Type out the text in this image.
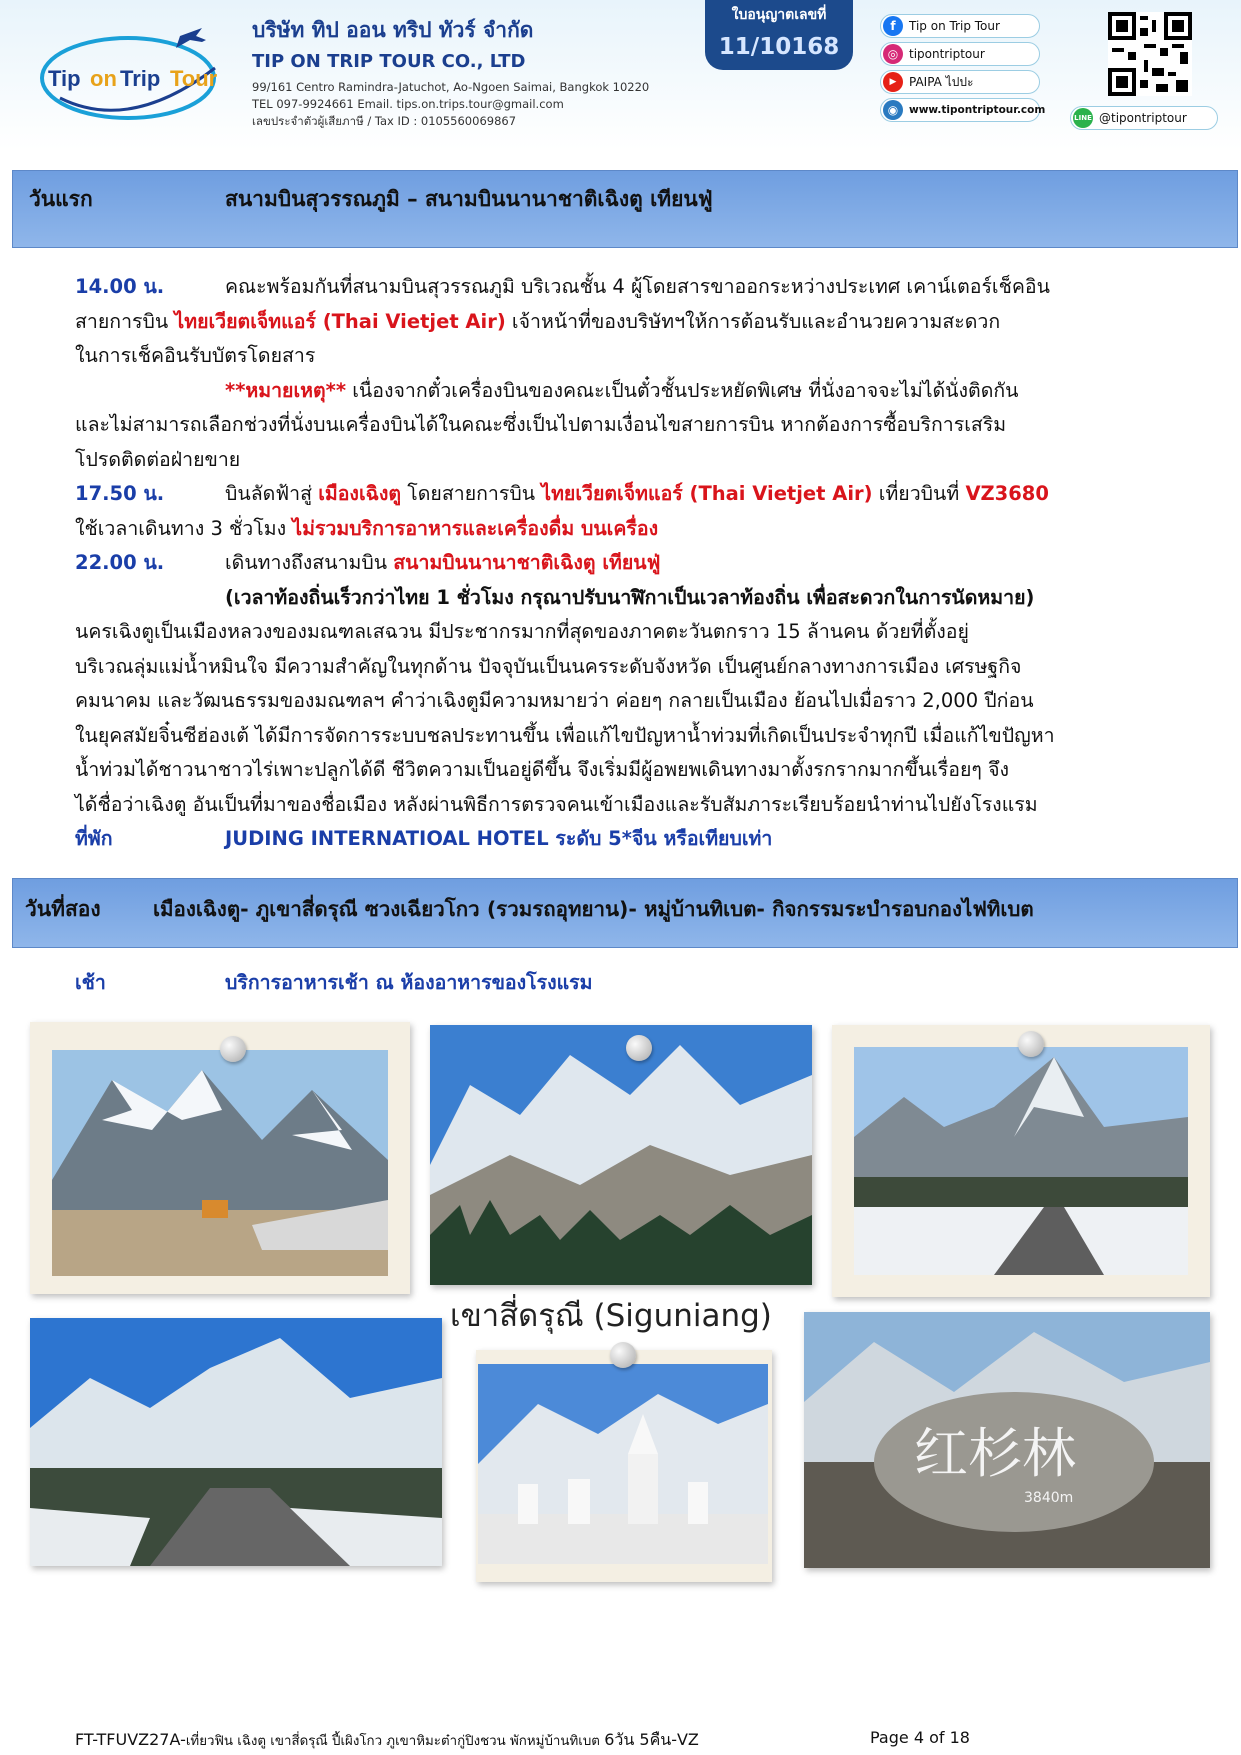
Tip on Trip Tour
บริษัท ทิป ออน ทริป ทัวร์ จำกัด
TIP ON TRIP TOUR CO., LTD
99/161 Centro Ramindra-Jatuchot, Ao-Ngoen Saimai, Bangkok 10220
TEL 097-9924661 Email. tips.on.trips.tour@gmail.com
เลขประจำตัวผู้เสียภาษี / Tax ID : 0105560069867
ใบอนุญาตเลขที่
11/10168
f	Tip on Trip Tour
◎ tipontriptour
▶	PAIPA ไปปะ
◉	www.tipontriptour.com
LINE @tipontriptour
วันแรก	สนามบินสุวรรณภูมิ – สนามบินนานาชาติเฉิงตู เทียนฟู่
14.00 น.	คณะพร้อมกันที่สนามบินสุวรรณภูมิ บริเวณชั้น 4 ผู้โดยสารขาออกระหว่างประเทศ เคาน์เตอร์เช็คอิน
สายการบิน ไทยเวียตเจ็ทแอร์ (Thai Vietjet Air) เจ้าหน้าที่ของบริษัทฯให้การต้อนรับและอำนวยความสะดวก
ในการเช็คอินรับบัตรโดยสาร
**หมายเหตุ** เนื่องจากตั๋วเครื่องบินของคณะเป็นตั๋วชั้นประหยัดพิเศษ ที่นั่งอาจจะไม่ได้นั่งติดกัน
และไม่สามารถเลือกช่วงที่นั่งบนเครื่องบินได้ในคณะซึ่งเป็นไปตามเงื่อนไขสายการบิน หากต้องการซื้อบริการเสริม
โปรดติดต่อฝ่ายขาย
17.50 น.	บินลัดฟ้าสู่ เมืองเฉิงตู โดยสายการบิน ไทยเวียตเจ็ทแอร์ (Thai Vietjet Air) เที่ยวบินที่ VZ3680
ใช้เวลาเดินทาง 3 ชั่วโมง ไม่รวมบริการอาหารและเครื่องดื่ม บนเครื่อง
22.00 น.	เดินทางถึงสนามบิน สนามบินนานาชาติเฉิงตู เทียนฟู่
(เวลาท้องถิ่นเร็วกว่าไทย 1 ชั่วโมง กรุณาปรับนาฬิกาเป็นเวลาท้องถิ่น เพื่อสะดวกในการนัดหมาย)
นครเฉิงตูเป็นเมืองหลวงของมณฑลเสฉวน มีประชากรมากที่สุดของภาคตะวันตกราว 15 ล้านคน ด้วยที่ตั้งอยู่
บริเวณลุ่มแม่น้ำหมินใจ มีความสำคัญในทุกด้าน ปัจจุบันเป็นนครระดับจังหวัด เป็นศูนย์กลางทางการเมือง เศรษฐกิจ
คมนาคม และวัฒนธรรมของมณฑลฯ คำว่าเฉิงตูมีความหมายว่า ค่อยๆ กลายเป็นเมือง ย้อนไปเมื่อราว 2,000 ปีก่อน
ในยุคสมัยจิ๋นซีฮ่องเต้ ได้มีการจัดการระบบชลประทานขึ้น เพื่อแก้ไขปัญหาน้ำท่วมที่เกิดเป็นประจำทุกปี เมื่อแก้ไขปัญหา
น้ำท่วมได้ชาวนาชาวไร่เพาะปลูกได้ดี ชีวิตความเป็นอยู่ดีขึ้น จึงเริ่มมีผู้อพยพเดินทางมาตั้งรกรากมากขึ้นเรื่อยๆ จึง
ได้ชื่อว่าเฉิงตู อันเป็นที่มาของชื่อเมือง หลังผ่านพิธีการตรวจคนเข้าเมืองและรับสัมภาระเรียบร้อยนำท่านไปยังโรงแรม
ที่พัก	JUDING INTERNATIOAL HOTEL ระดับ 5*จีน หรือเทียบเท่า
วันที่สอง	เมืองเฉิงตู- ภูเขาสี่ดรุณี ซวงเฉียวโกว (รวมรถอุทยาน)- หมู่บ้านทิเบต- กิจกรรมระบำรอบกองไฟทิเบต
เช้า	บริการอาหารเช้า ณ ห้องอาหารของโรงแรม
เขาสี่ดรุณี (Siguniang)
红杉林
3840m
FT-TFUVZ27A-เที่ยวฟิน เฉิงตู เขาสี่ดรุณี ปี้เผิงโกว ภูเขาหิมะต๋ากู่ปิงชวน พักหมู่บ้านทิเบต 6วัน 5คืน-VZ	Page 4 of 18
